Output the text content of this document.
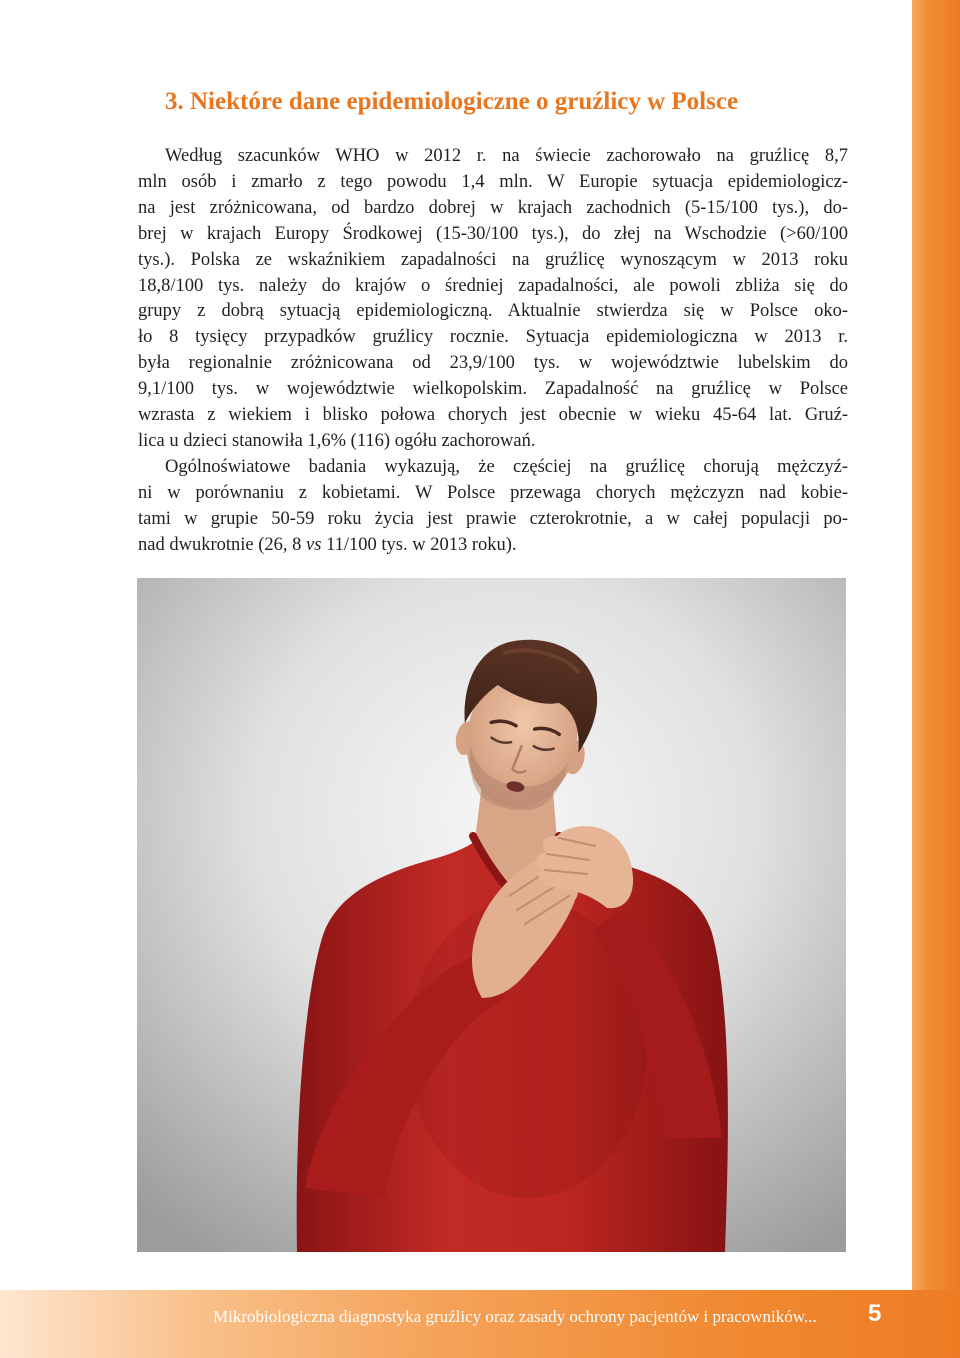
3. Niektóre dane epidemiologiczne o gruźlicy w Polsce
Według szacunków WHO w 2012 r. na świecie zachorowało na gruźlicę 8,7
mln osób i zmarło z tego powodu 1,4 mln. W Europie sytuacja epidemiologicz-
na jest zróżnicowana, od bardzo dobrej w krajach zachodnich (5-15/100 tys.), do-
brej w krajach Europy Środkowej (15-30/100 tys.), do złej na Wschodzie (>60/100
tys.). Polska ze wskaźnikiem zapadalności na gruźlicę wynoszącym w 2013 roku
18,8/100 tys. należy do krajów o średniej zapadalności, ale powoli zbliża się do
grupy z dobrą sytuacją epidemiologiczną. Aktualnie stwierdza się w Polsce oko-
ło 8 tysięcy przypadków gruźlicy rocznie. Sytuacja epidemiologiczna w 2013 r.
była regionalnie zróżnicowana od 23,9/100 tys. w województwie lubelskim do
9,1/100 tys. w województwie wielkopolskim. Zapadalność na gruźlicę w Polsce
wzrasta z wiekiem i blisko połowa chorych jest obecnie w wieku 45-64 lat. Gruź-
lica u dzieci stanowiła 1,6% (116) ogółu zachorowań.
Ogólnoświatowe badania wykazują, że częściej na gruźlicę chorują mężczyź-
ni w porównaniu z kobietami. W Polsce przewaga chorych mężczyzn nad kobie-
tami w grupie 50-59 roku życia jest prawie czterokrotnie, a w całej populacji po-
nad dwukrotnie (26, 8 vs 11/100 tys. w 2013 roku).
Mikrobiologiczna diagnostyka gruźlicy oraz zasady ochrony pacjentów i pracowników... 5
